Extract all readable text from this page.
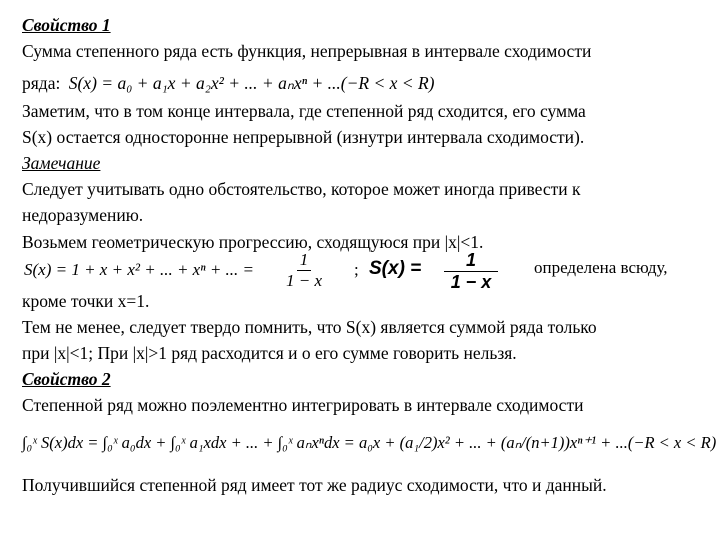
Свойство 1
Сумма степенного ряда есть функция, непрерывная в интервале сходимости
ряда: S(x) = a₀ + a₁x + a₂x² + ... + aₙxⁿ + ...(−R < x < R)
Заметим, что в том конце интервала, где степенной ряд сходится, его сумма
S(x) остается односторонне непрерывной (изнутри интервала сходимости).
Замечание
Следует учитывать одно обстоятельство, которое может иногда привести к
недоразумению.
Возьмем геометрическую прогрессию, сходящуюся при |x|<1.
S(x) = 1 + x + x² + ... + xⁿ + ... = $\frac{1}{1 - x}$ ; $S(x) = \frac{1}{1 - x}$ определена всюду,
кроме точки x=1.
Тем не менее, следует твердо помнить, что S(x) является суммой ряда только
при |x|<1; При |x|>1 ряд расходится и о его сумме говорить нельзя.
Свойство 2
Степенной ряд можно поэлементно интегрировать в интервале сходимости
∫₀ˣ S(x)dx = ∫₀ˣ a₀dx + ∫₀ˣ a₁xdx + ... + ∫₀ˣ aₙxⁿdx = a₀x + (a₁/2)x² + ... + (aₙ/(n+1))xⁿ⁺¹ + ...(−R < x < R)
Получившийся степенной ряд имеет тот же радиус сходимости, что и данный.
